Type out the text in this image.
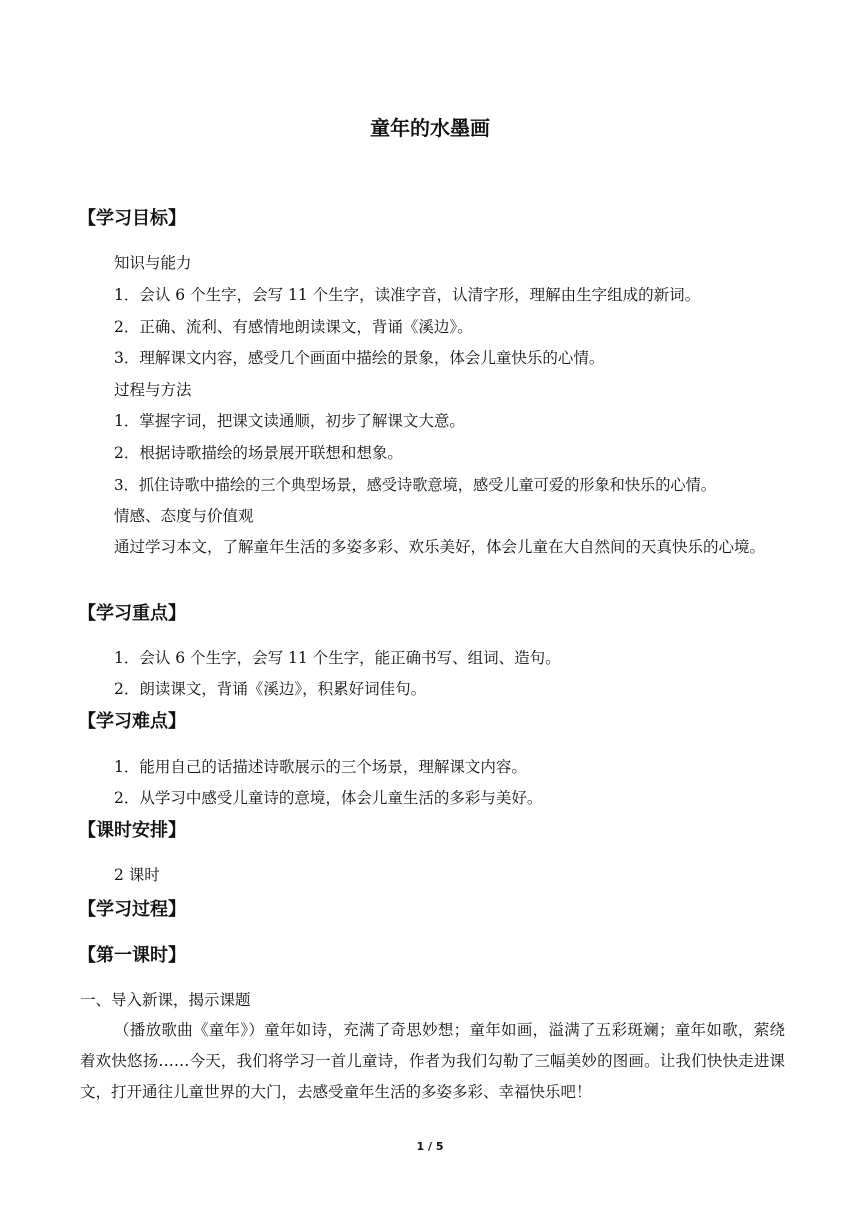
童年的水墨画
【学习目标】
知识与能力
1．会认 6 个生字，会写 11 个生字，读准字音，认清字形，理解由生字组成的新词。
2．正确、流利、有感情地朗读课文，背诵《溪边》。
3．理解课文内容，感受几个画面中描绘的景象，体会儿童快乐的心情。
过程与方法
1．掌握字词，把课文读通顺，初步了解课文大意。
2．根据诗歌描绘的场景展开联想和想象。
3．抓住诗歌中描绘的三个典型场景，感受诗歌意境，感受儿童可爱的形象和快乐的心情。
情感、态度与价值观
通过学习本文，了解童年生活的多姿多彩、欢乐美好，体会儿童在大自然间的天真快乐的心境。
【学习重点】
1．会认 6 个生字，会写 11 个生字，能正确书写、组词、造句。
2．朗读课文，背诵《溪边》，积累好词佳句。
【学习难点】
1．能用自己的话描述诗歌展示的三个场景，理解课文内容。
2．从学习中感受儿童诗的意境，体会儿童生活的多彩与美好。
【课时安排】
2 课时
【学习过程】
【第一课时】
一、导入新课，揭示课题
（播放歌曲《童年》）童年如诗，充满了奇思妙想；童年如画，溢满了五彩斑斓；童年如歌，萦绕着欢快悠扬……今天，我们将学习一首儿童诗，作者为我们勾勒了三幅美妙的图画。让我们快快走进课文，打开通往儿童世界的大门，去感受童年生活的多姿多彩、幸福快乐吧！
1 / 5
